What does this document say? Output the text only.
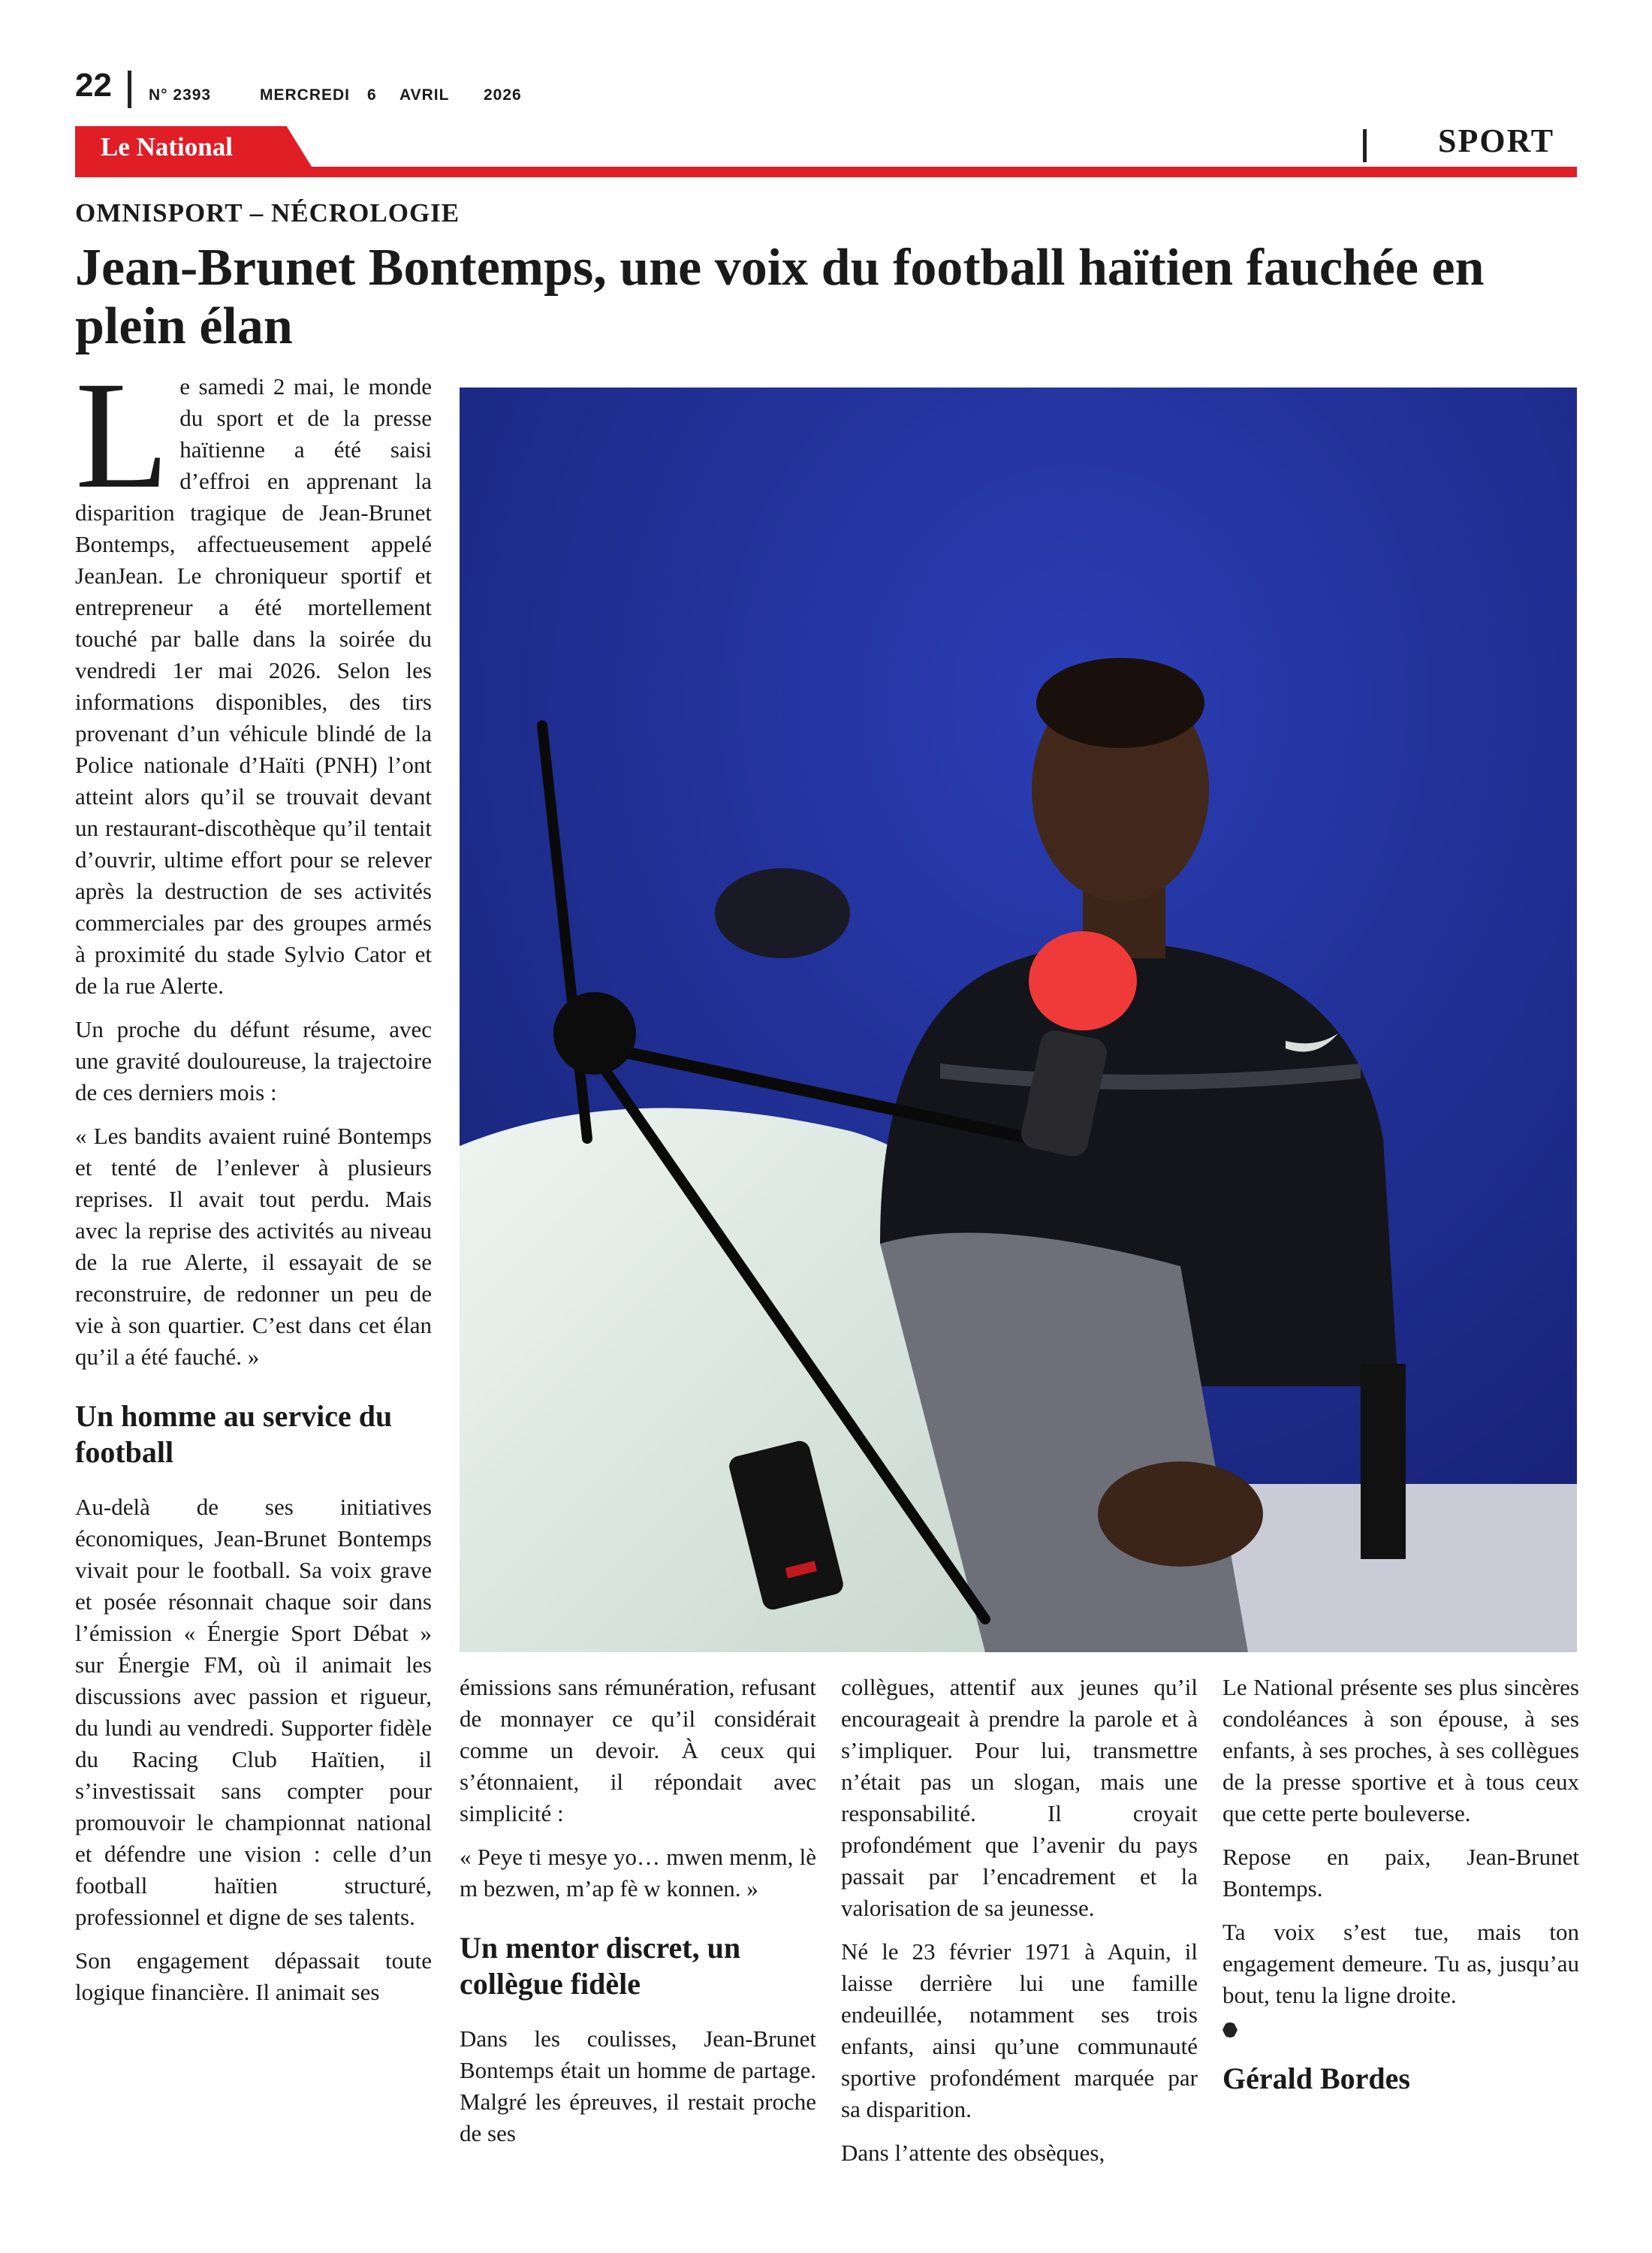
22 N° 2393	MERCREDI 6 AVRIL 2026
Le National	SPORT
OMNISPORT – NÉCROLOGIE
Jean-Brunet Bontemps, une voix du football haïtien fauchée en plein élan

Le samedi 2 mai, le monde du sport et de la presse haïtienne a été saisi d’effroi en apprenant la disparition tragique de Jean-Brunet Bontemps, affectueusement appelé JeanJean. Le chroniqueur sportif et entrepreneur a été mortellement touché par balle dans la soirée du vendredi 1er mai 2026. Selon les informations disponibles, des tirs provenant d’un véhicule blindé de la Police nationale d’Haïti (PNH) l’ont atteint alors qu’il se trouvait devant un restaurant-discothèque qu’il tentait d’ouvrir, ultime effort pour se relever après la destruction de ses activités commerciales par des groupes armés à proximité du stade Sylvio Cator et de la rue Alerte.

Un proche du défunt résume, avec une gravité douloureuse, la trajectoire de ces derniers mois :

« Les bandits avaient ruiné Bontemps et tenté de l’enlever à plusieurs reprises. Il avait tout perdu. Mais avec la reprise des activités au niveau de la rue Alerte, il essayait de se reconstruire, de redonner un peu de vie à son quartier. C’est dans cet élan qu’il a été fauché. »

Un homme au service du football

Au-delà de ses initiatives économiques, Jean-Brunet Bontemps vivait pour le football. Sa voix grave et posée résonnait chaque soir dans l’émission « Énergie Sport Débat » sur Énergie FM, où il animait les discussions avec passion et rigueur, du lundi au vendredi. Supporter fidèle du Racing Club Haïtien, il s’investissait sans compter pour promouvoir le championnat national et défendre une vision : celle d’un football haïtien structuré, professionnel et digne de ses talents.

Son engagement dépassait toute logique financière. Il animait ses

émissions sans rémunération, refusant de monnayer ce qu’il considérait comme un devoir. À ceux qui s’étonnaient, il répondait avec simplicité :

« Peye ti mesye yo… mwen menm, lè m bezwen, m’ap fè w konnen. »

Un mentor discret, un collègue fidèle

Dans les coulisses, Jean-Brunet Bontemps était un homme de partage. Malgré les épreuves, il restait proche de ses

collègues, attentif aux jeunes qu’il encourageait à prendre la parole et à s’impliquer. Pour lui, transmettre n’était pas un slogan, mais une responsabilité. Il croyait profondément que l’avenir du pays passait par l’encadrement et la valorisation de sa jeunesse.

Né le 23 février 1971 à Aquin, il laisse derrière lui une famille endeuillée, notamment ses trois enfants, ainsi qu’une communauté sportive profondément marquée par sa disparition.

Dans l’attente des obsèques,

Le National présente ses plus sincères condoléances à son épouse, à ses enfants, à ses proches, à ses collègues de la presse sportive et à tous ceux que cette perte bouleverse.

Repose en paix, Jean-Brunet Bontemps.

Ta voix s’est tue, mais ton engagement demeure. Tu as, jusqu’au bout, tenu la ligne droite.

Gérald Bordes
